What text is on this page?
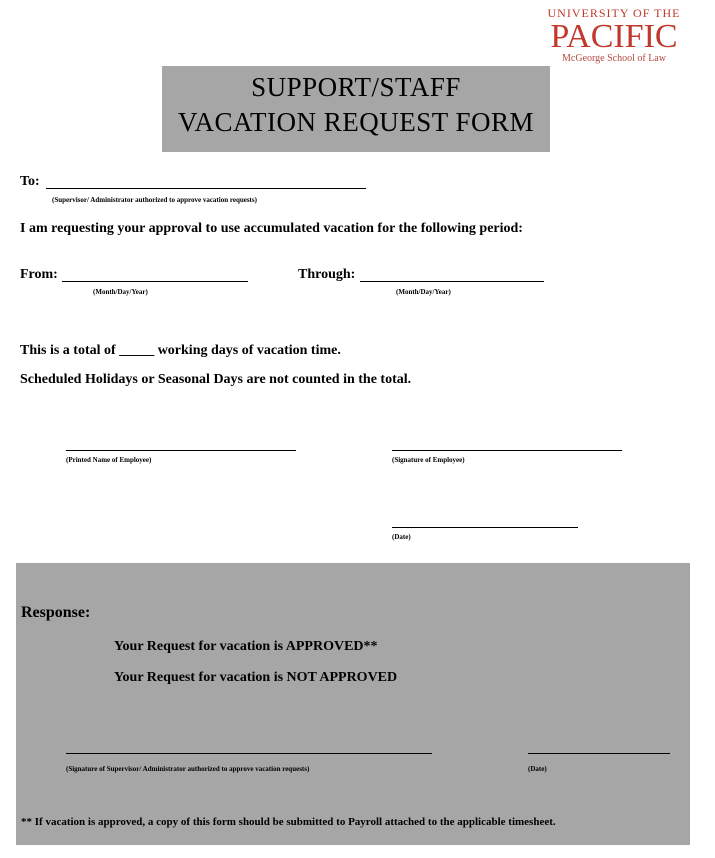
UNIVERSITY OF THE
PACIFIC
McGeorge School of Law
SUPPORT/STAFF
VACATION REQUEST FORM
To:
(Supervisor/ Administrator authorized to approve vacation requests)
I am requesting your approval to use accumulated vacation for the following period:
From:
(Month/Day/Year)
Through:
(Month/Day/Year)
This is a total of _____ working days of vacation time.
Scheduled Holidays or Seasonal Days are not counted in the total.
(Printed Name of Employee)	(Signature of Employee)
(Date)
Response:
Your Request for vacation is APPROVED**
Your Request for vacation is NOT APPROVED
(Signature of Supervisor/ Administrator authorized to approve vacation requests)	(Date)
** If vacation is approved, a copy of this form should be submitted to Payroll attached to the applicable timesheet.
